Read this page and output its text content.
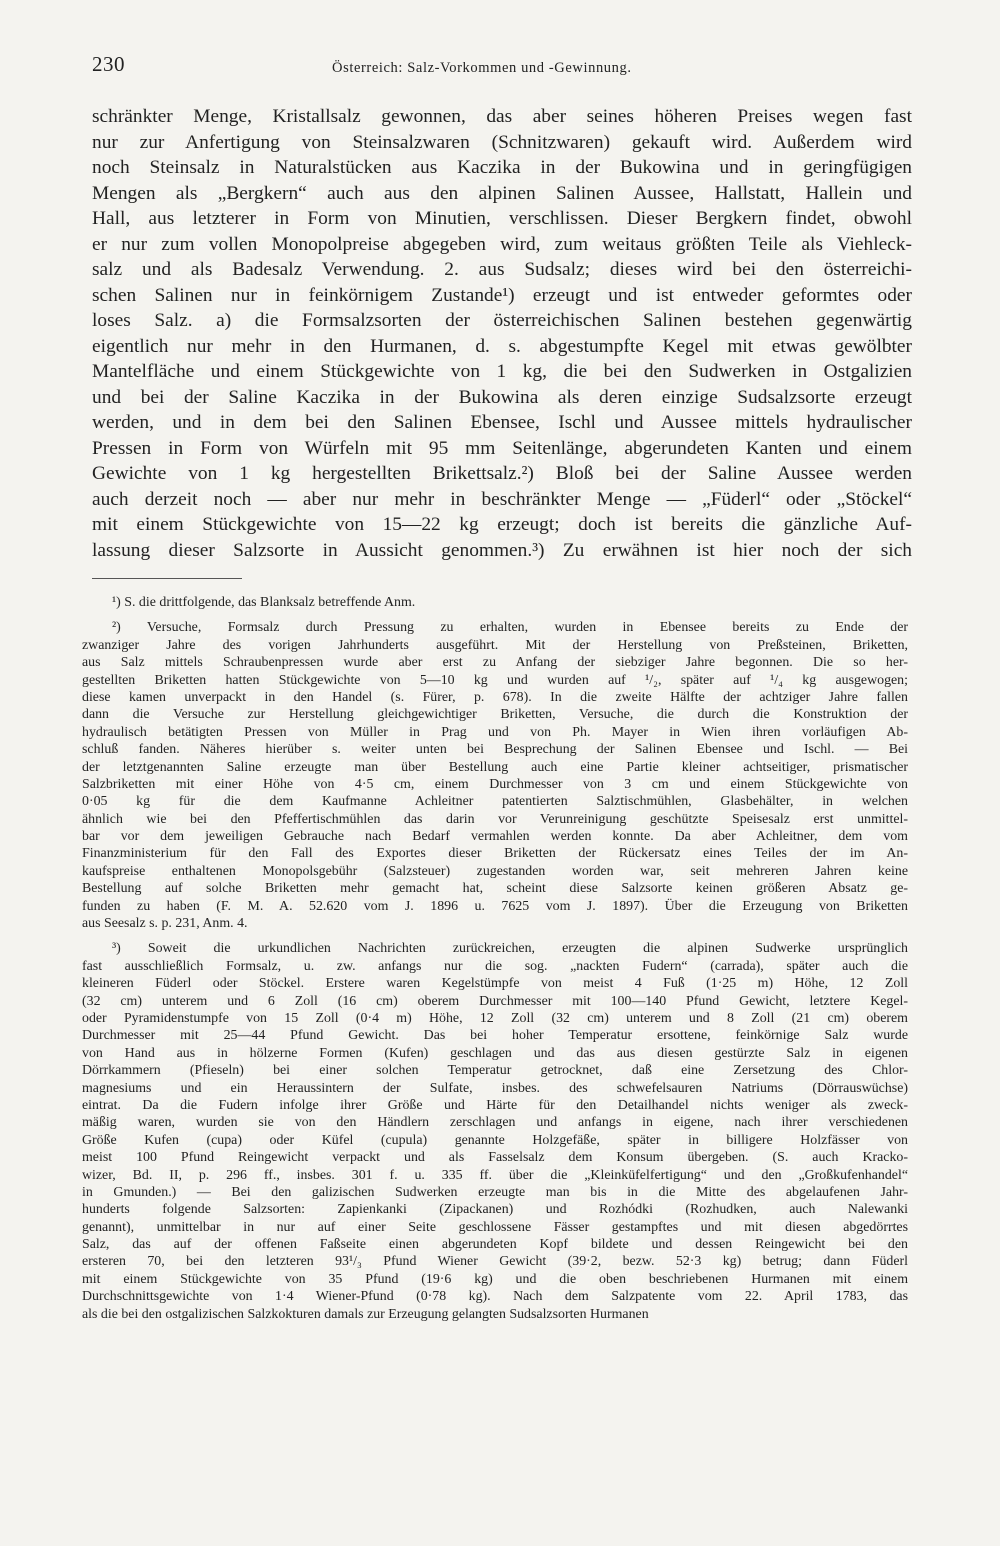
230	Österreich: Salz-Vorkommen und -Gewinnung.
schränkter Menge, Kristallsalz gewonnen, das aber seines höheren Preises wegen fast
nur zur Anfertigung von Steinsalzwaren (Schnitzwaren) gekauft wird. Außerdem wird
noch Steinsalz in Naturalstücken aus Kaczika in der Bukowina und in geringfügigen
Mengen als „Bergkern“ auch aus den alpinen Salinen Aussee, Hallstatt, Hallein und
Hall, aus letzterer in Form von Minutien, verschlissen. Dieser Bergkern findet, obwohl
er nur zum vollen Monopolpreise abgegeben wird, zum weitaus größten Teile als Viehleck-
salz und als Badesalz Verwendung. 2. aus Sudsalz; dieses wird bei den österreichi-
schen Salinen nur in feinkörnigem Zustande¹) erzeugt und ist entweder geformtes oder
loses Salz. a) die Formsalzsorten der österreichischen Salinen bestehen gegenwärtig
eigentlich nur mehr in den Hurmanen, d. s. abgestumpfte Kegel mit etwas gewölbter
Mantelfläche und einem Stückgewichte von 1 kg, die bei den Sudwerken in Ostgalizien
und bei der Saline Kaczika in der Bukowina als deren einzige Sudsalzsorte erzeugt
werden, und in dem bei den Salinen Ebensee, Ischl und Aussee mittels hydraulischer
Pressen in Form von Würfeln mit 95 mm Seitenlänge, abgerundeten Kanten und einem
Gewichte von 1 kg hergestellten Brikettsalz.²) Bloß bei der Saline Aussee werden
auch derzeit noch — aber nur mehr in beschränkter Menge — „Füderl“ oder „Stöckel“
mit einem Stückgewichte von 15—22 kg erzeugt; doch ist bereits die gänzliche Auf-
lassung dieser Salzsorte in Aussicht genommen.³) Zu erwähnen ist hier noch der sich
¹) S. die drittfolgende, das Blanksalz betreffende Anm.
²) Versuche, Formsalz durch Pressung zu erhalten, wurden in Ebensee bereits zu Ende der
zwanziger Jahre des vorigen Jahrhunderts ausgeführt. Mit der Herstellung von Preßsteinen, Briketten,
aus Salz mittels Schraubenpressen wurde aber erst zu Anfang der siebziger Jahre begonnen. Die so her-
gestellten Briketten hatten Stückgewichte von 5—10 kg und wurden auf ¹/₂, später auf ¹/₄ kg ausgewogen;
diese kamen unverpackt in den Handel (s. Fürer, p. 678). In die zweite Hälfte der achtziger Jahre fallen
dann die Versuche zur Herstellung gleichgewichtiger Briketten, Versuche, die durch die Konstruktion der
hydraulisch betätigten Pressen von Müller in Prag und von Ph. Mayer in Wien ihren vorläufigen Ab-
schluß fanden. Näheres hierüber s. weiter unten bei Besprechung der Salinen Ebensee und Ischl. — Bei
der letztgenannten Saline erzeugte man über Bestellung auch eine Partie kleiner achtseitiger, prismatischer
Salzbriketten mit einer Höhe von 4·5 cm, einem Durchmesser von 3 cm und einem Stückgewichte von
0·05 kg für die dem Kaufmanne Achleitner patentierten Salztischmühlen, Glasbehälter, in welchen
ähnlich wie bei den Pfeffertischmühlen das darin vor Verunreinigung geschützte Speisesalz erst unmittel-
bar vor dem jeweiligen Gebrauche nach Bedarf vermahlen werden konnte. Da aber Achleitner, dem vom
Finanzministerium für den Fall des Exportes dieser Briketten der Rückersatz eines Teiles der im An-
kaufspreise enthaltenen Monopolsgebühr (Salzsteuer) zugestanden worden war, seit mehreren Jahren keine
Bestellung auf solche Briketten mehr gemacht hat, scheint diese Salzsorte keinen größeren Absatz ge-
funden zu haben (F. M. A. 52.620 vom J. 1896 u. 7625 vom J. 1897). Über die Erzeugung von Briketten
aus Seesalz s. p. 231, Anm. 4.
³) Soweit die urkundlichen Nachrichten zurückreichen, erzeugten die alpinen Sudwerke ursprünglich
fast ausschließlich Formsalz, u. zw. anfangs nur die sog. „nackten Fudern“ (carrada), später auch die
kleineren Füderl oder Stöckel. Erstere waren Kegelstümpfe von meist 4 Fuß (1·25 m) Höhe, 12 Zoll
(32 cm) unterem und 6 Zoll (16 cm) oberem Durchmesser mit 100—140 Pfund Gewicht, letztere Kegel-
oder Pyramidenstumpfe von 15 Zoll (0·4 m) Höhe, 12 Zoll (32 cm) unterem und 8 Zoll (21 cm) oberem
Durchmesser mit 25—44 Pfund Gewicht. Das bei hoher Temperatur ersottene, feinkörnige Salz wurde
von Hand aus in hölzerne Formen (Kufen) geschlagen und das aus diesen gestürzte Salz in eigenen
Dörrkammern (Pfieseln) bei einer solchen Temperatur getrocknet, daß eine Zersetzung des Chlor-
magnesiums und ein Heraussintern der Sulfate, insbes. des schwefelsauren Natriums (Dörrauswüchse)
eintrat. Da die Fudern infolge ihrer Größe und Härte für den Detailhandel nichts weniger als zweck-
mäßig waren, wurden sie von den Händlern zerschlagen und anfangs in eigene, nach ihrer verschiedenen
Größe Kufen (cupa) oder Küfel (cupula) genannte Holzgefäße, später in billigere Holzfässer von
meist 100 Pfund Reingewicht verpackt und als Fasselsalz dem Konsum übergeben. (S. auch Kracko-
wizer, Bd. II, p. 296 ff., insbes. 301 f. u. 335 ff. über die „Kleinküfelfertigung“ und den „Großkufenhandel“
in Gmunden.) — Bei den galizischen Sudwerken erzeugte man bis in die Mitte des abgelaufenen Jahr-
hunderts folgende Salzsorten: Zapienkanki (Zipackanen) und Rozhódki (Rozhudken, auch Nalewanki
genannt), unmittelbar in nur auf einer Seite geschlossene Fässer gestampftes und mit diesen abgedörrtes
Salz, das auf der offenen Faßseite einen abgerundeten Kopf bildete und dessen Reingewicht bei den
ersteren 70, bei den letzteren 93¹/₃ Pfund Wiener Gewicht (39·2, bezw. 52·3 kg) betrug; dann Füderl
mit einem Stückgewichte von 35 Pfund (19·6 kg) und die oben beschriebenen Hurmanen mit einem
Durchschnittsgewichte von 1·4 Wiener-Pfund (0·78 kg). Nach dem Salzpatente vom 22. April 1783, das
als die bei den ostgalizischen Salzkokturen damals zur Erzeugung gelangten Sudsalzsorten Hurmanen
